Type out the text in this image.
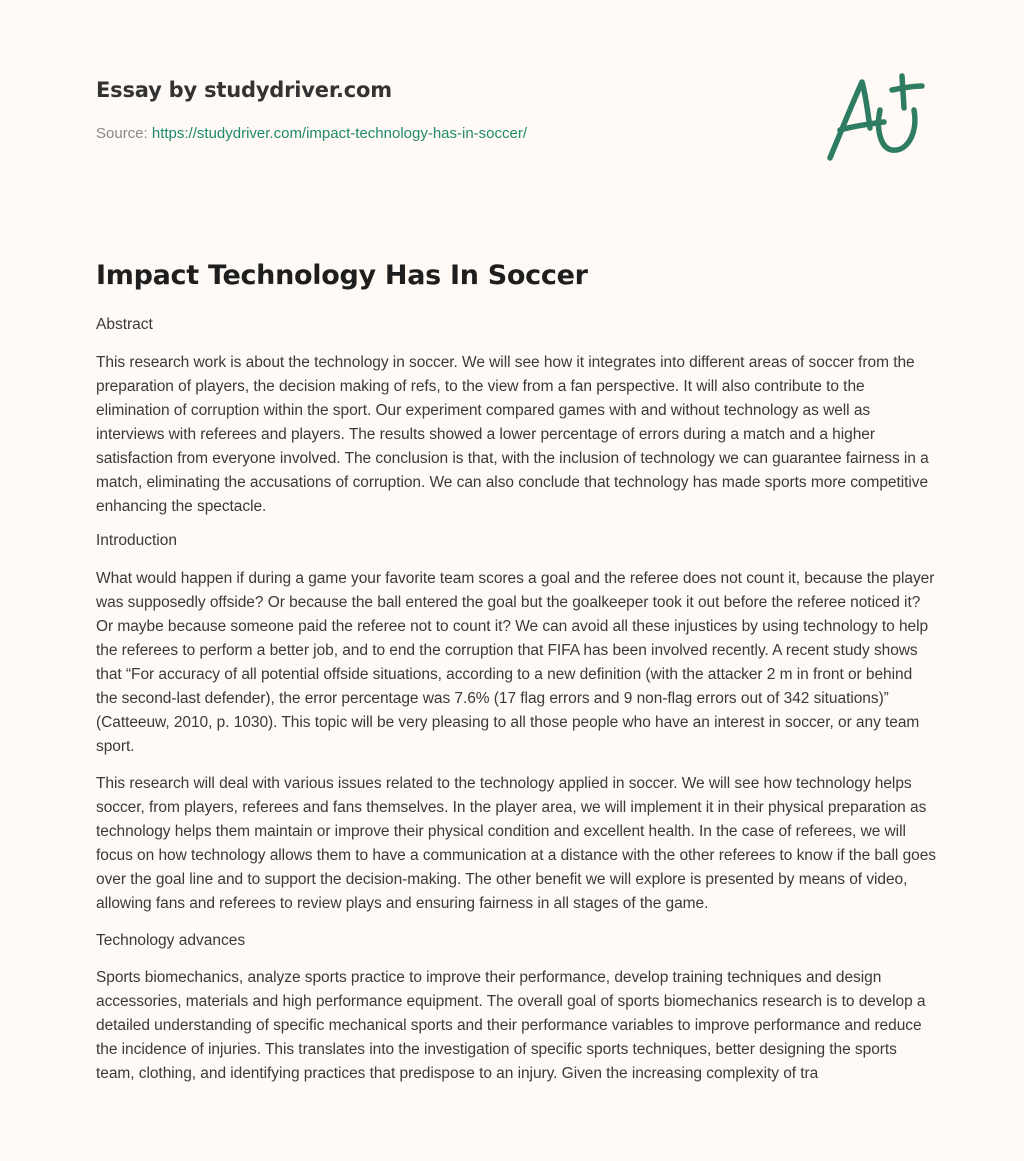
Essay by studydriver.com
Source: https://studydriver.com/impact-technology-has-in-soccer/
Impact Technology Has In Soccer

Abstract

This research work is about the technology in soccer. We will see how it integrates into different areas of soccer from the preparation of players, the decision making of refs, to the view from a fan perspective. It will also contribute to the elimination of corruption within the sport. Our experiment compared games with and without technology as well as interviews with referees and players. The results showed a lower percentage of errors during a match and a higher satisfaction from everyone involved. The conclusion is that, with the inclusion of technology we can guarantee fairness in a match, eliminating the accusations of corruption. We can also conclude that technology has made sports more competitive enhancing the spectacle.

Introduction

What would happen if during a game your favorite team scores a goal and the referee does not count it, because the player was supposedly offside? Or because the ball entered the goal but the goalkeeper took it out before the referee noticed it? Or maybe because someone paid the referee not to count it? We can avoid all these injustices by using technology to help the referees to perform a better job, and to end the corruption that FIFA has been involved recently. A recent study shows that “For accuracy of all potential offside situations, according to a new definition (with the attacker 2 m in front or behind the second-last defender), the error percentage was 7.6% (17 flag errors and 9 non-flag errors out of 342 situations)” (Catteeuw, 2010, p. 1030). This topic will be very pleasing to all those people who have an interest in soccer, or any team sport.

This research will deal with various issues related to the technology applied in soccer. We will see how technology helps soccer, from players, referees and fans themselves. In the player area, we will implement it in their physical preparation as technology helps them maintain or improve their physical condition and excellent health. In the case of referees, we will focus on how technology allows them to have a communication at a distance with the other referees to know if the ball goes over the goal line and to support the decision-making. The other benefit we will explore is presented by means of video, allowing fans and referees to review plays and ensuring fairness in all stages of the game.

Technology advances

Sports biomechanics, analyze sports practice to improve their performance, develop training techniques and design accessories, materials and high performance equipment. The overall goal of sports biomechanics research is to develop a detailed understanding of specific mechanical sports and their performance variables to improve performance and reduce the incidence of injuries. This translates into the investigation of specific sports techniques, better designing the sports team, clothing, and identifying practices that predispose to an injury. Given the increasing complexity of tra
